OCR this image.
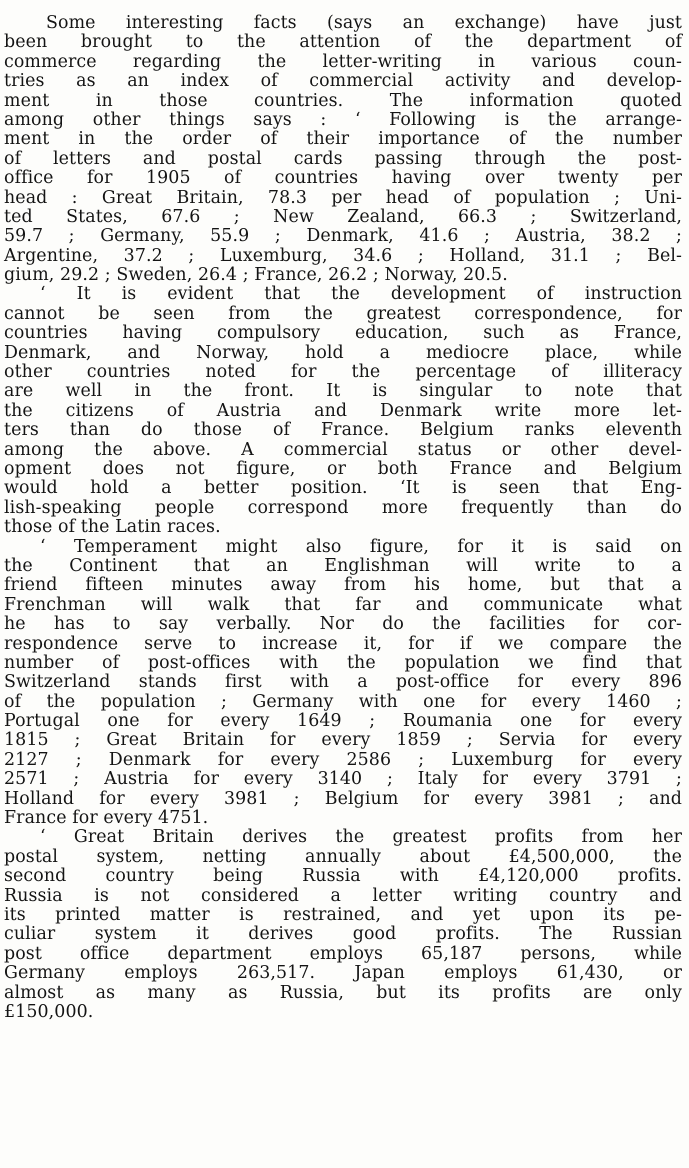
Some interesting facts (says an exchange) have just
been brought to the attention of the department of
commerce regarding the letter-writing in various coun-
tries as an index of commercial activity and develop-
ment in those countries. The information quoted
among other things says : ‘ Following is the arrange-
ment in the order of their importance of the number
of letters and postal cards passing through the post-
office for 1905 of countries having over twenty per
head : Great Britain, 78.3 per head of population ; Uni-
ted States, 67.6 ; New Zealand, 66.3 ; Switzerland,
59.7 ; Germany, 55.9 ; Denmark, 41.6 ; Austria, 38.2 ;
Argentine, 37.2 ; Luxemburg, 34.6 ; Holland, 31.1 ; Bel-
gium, 29.2 ; Sweden, 26.4 ; France, 26.2 ; Norway, 20.5.
‘ It is evident that the development of instruction
cannot be seen from the greatest correspondence, for
countries having compulsory education, such as France,
Denmark, and Norway, hold a mediocre place, while
other countries noted for the percentage of illiteracy
are well in the front. It is singular to note that
the citizens of Austria and Denmark write more let-
ters than do those of France. Belgium ranks eleventh
among the above. A commercial status or other devel-
opment does not figure, or both France and Belgium
would hold a better position. ‘It is seen that Eng-
lish-speaking people correspond more frequently than do
those of the Latin races.
‘ Temperament might also figure, for it is said on
the Continent that an Englishman will write to a
friend fifteen minutes away from his home, but that a
Frenchman will walk that far and communicate what
he has to say verbally. Nor do the facilities for cor-
respondence serve to increase it, for if we compare the
number of post-offices with the population we find that
Switzerland stands first with a post-office for every 896
of the population ; Germany with one for every 1460 ;
Portugal one for every 1649 ; Roumania one for every
1815 ; Great Britain for every 1859 ; Servia for every
2127 ; Denmark for every 2586 ; Luxemburg for every
2571 ; Austria for every 3140 ; Italy for every 3791 ;
Holland for every 3981 ; Belgium for every 3981 ; and
France for every 4751.
‘ Great Britain derives the greatest profits from her
postal system, netting annually about £4,500,000, the
second country being Russia with £4,120,000 profits.
Russia is not considered a letter writing country and
its printed matter is restrained, and yet upon its pe-
culiar system it derives good profits. The Russian
post office department employs 65,187 persons, while
Germany employs 263,517. Japan employs 61,430, or
almost as many as Russia, but its profits are only
£150,000.
